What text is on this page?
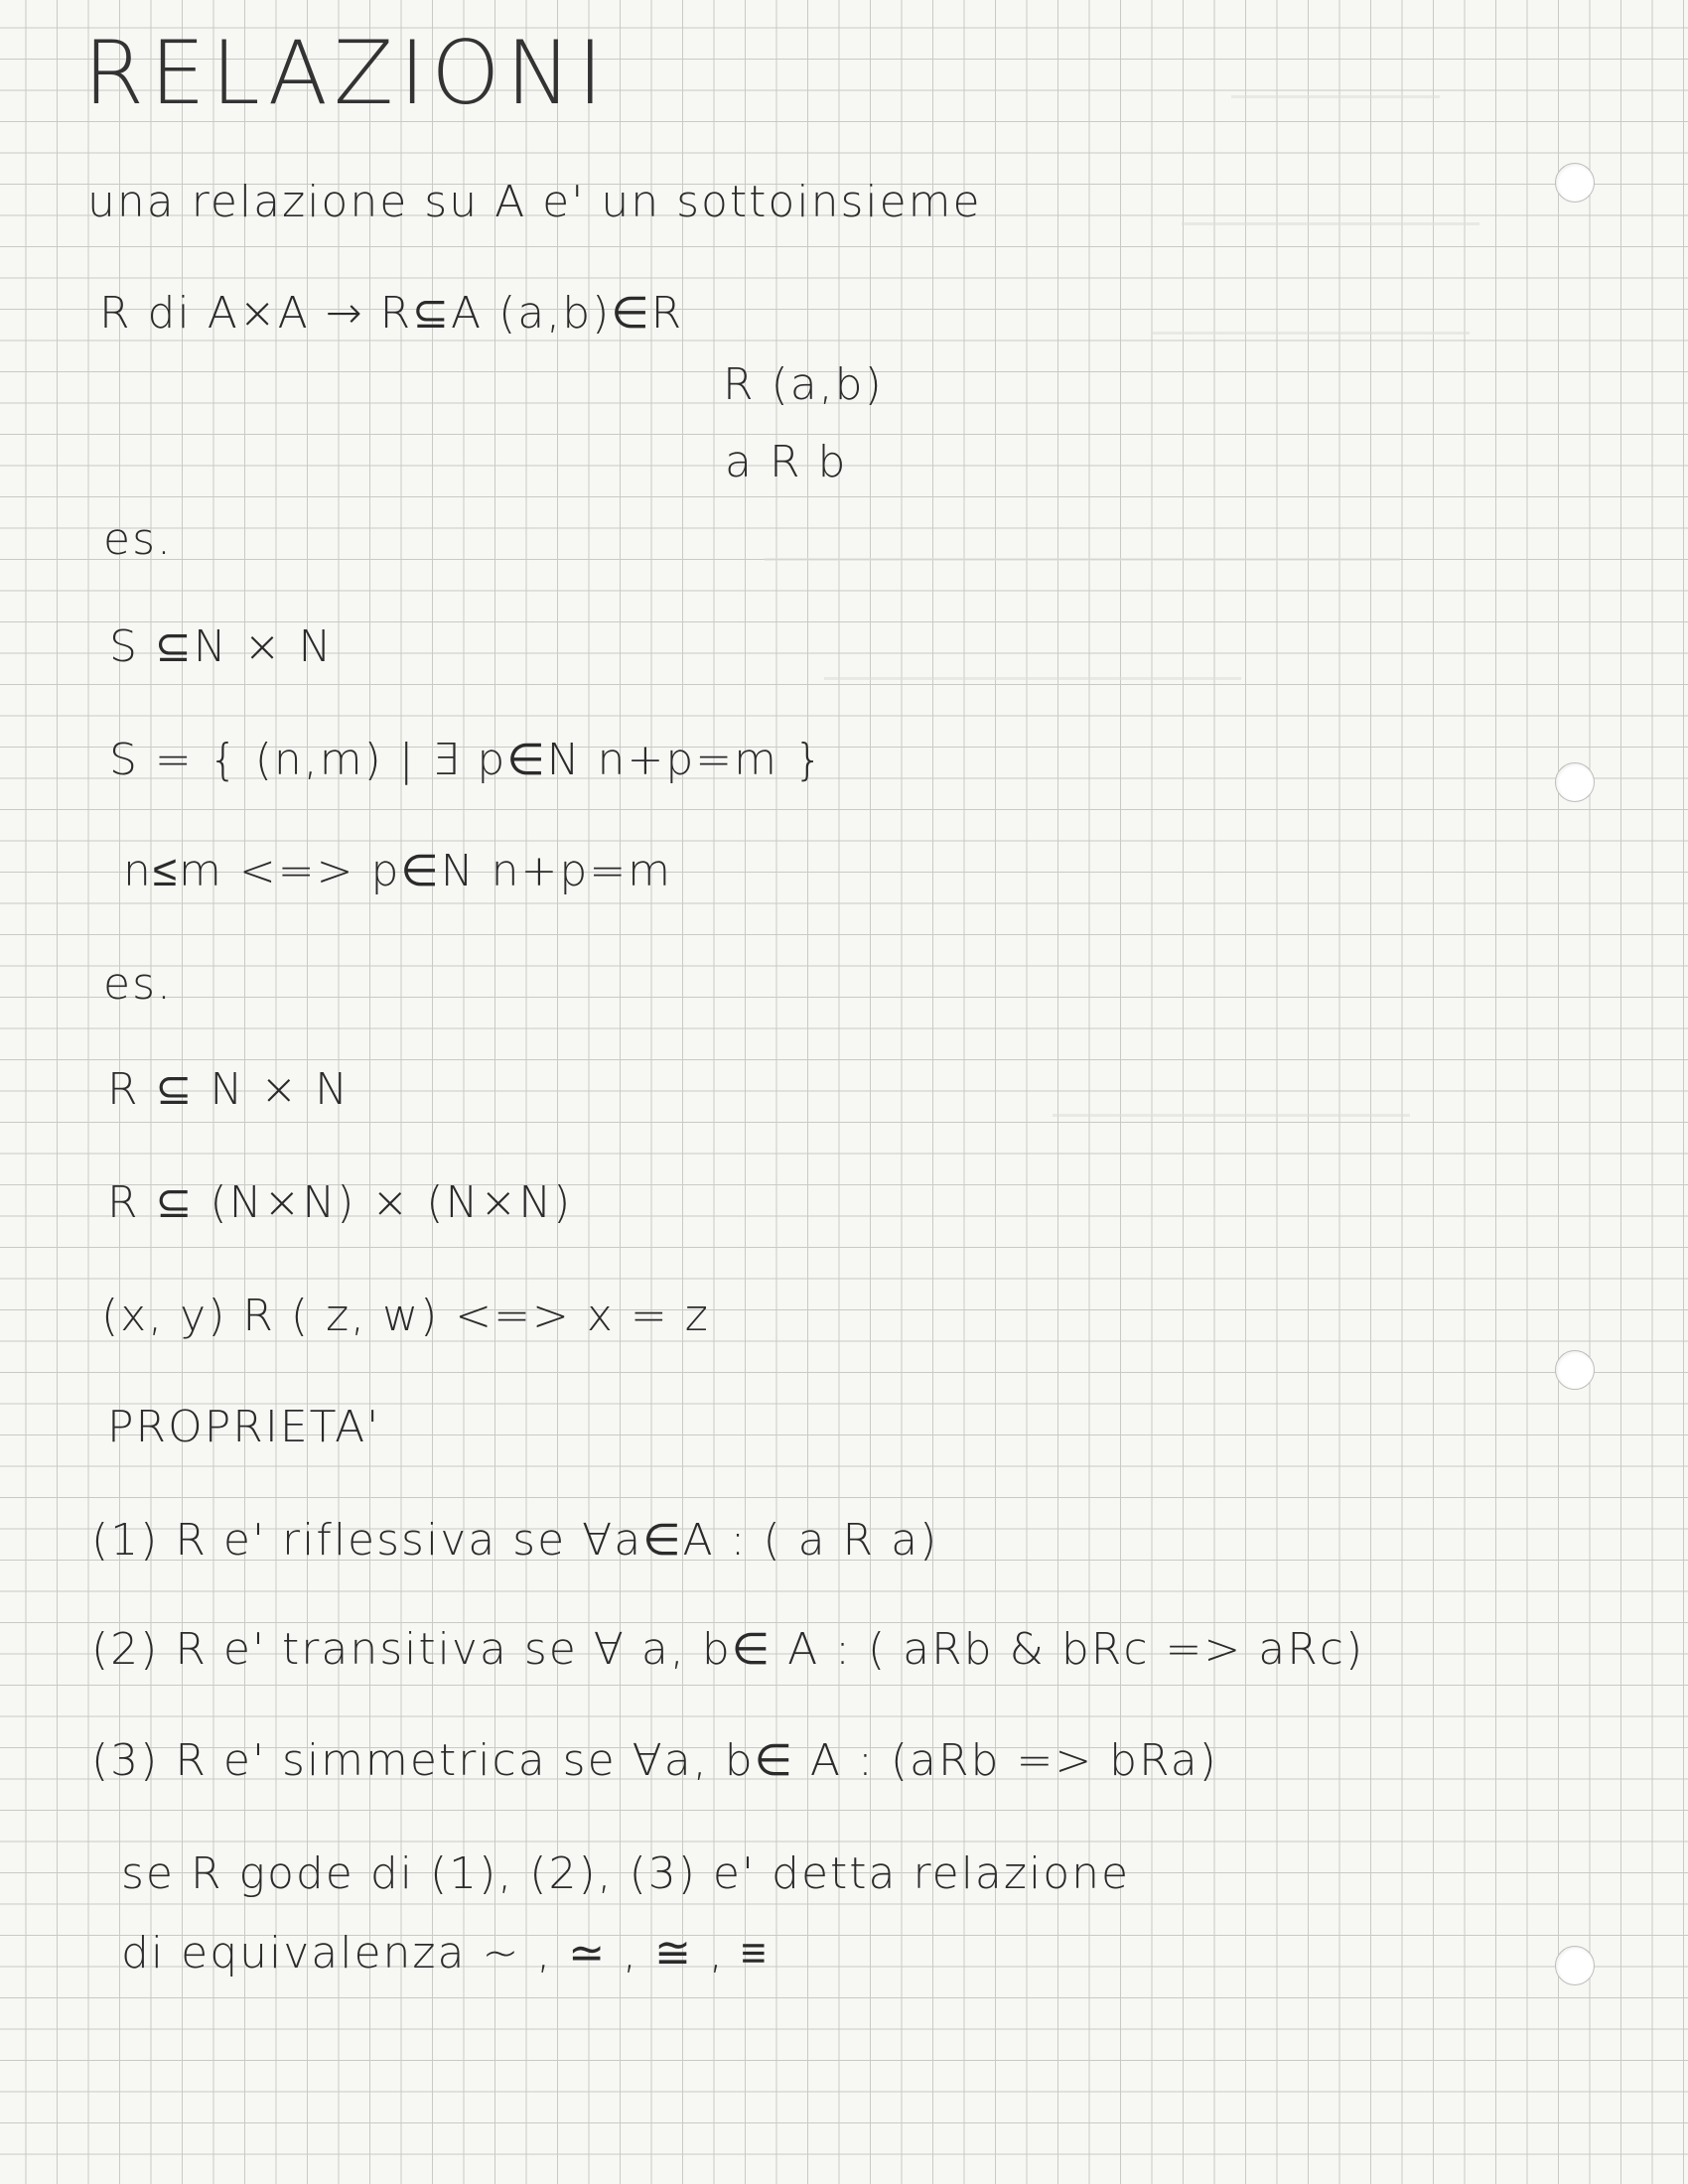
RELAZIONI
una relazione su A e' un sottoinsieme
R di A×A → R⊆A (a,b)∈R
R (a,b)
a R b
es.
S ⊆N × N
S = { (n,m) | ∃ p∈N n+p=m }
n≤m <=> p∈N n+p=m
es.
R ⊆ N × N
R ⊆ (N×N) × (N×N)
(x, y) R ( z, w) <=> x = z
PROPRIETA'
(1) R e' riflessiva se ∀a∈A : ( a R a)
(2) R e' transitiva se ∀ a, b∈ A : ( aRb & bRc => aRc)
(3) R e' simmetrica se ∀a, b∈ A : (aRb => bRa)
se R gode di (1), (2), (3) e' detta relazione
di equivalenza ~ , ≃ , ≅ , ≡
